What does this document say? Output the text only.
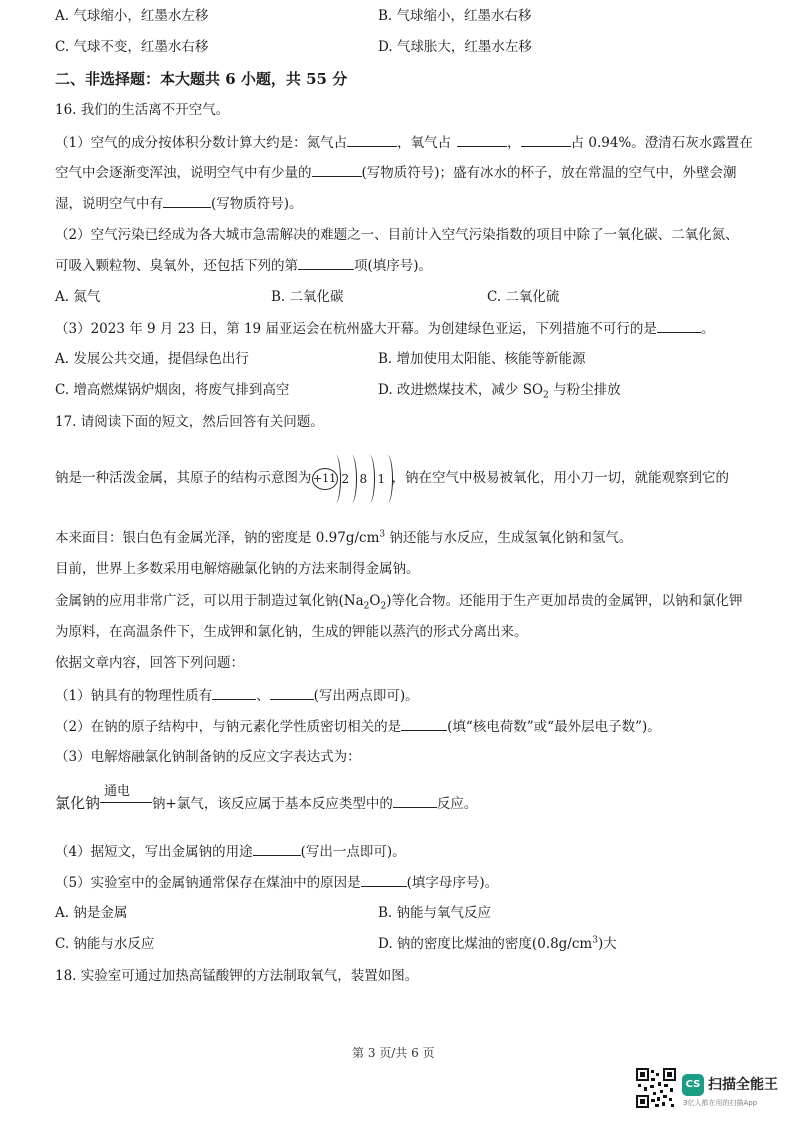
A. 气球缩小，红墨水左移	B. 气球缩小，红墨水右移
C. 气球不变，红墨水右移	D. 气球胀大，红墨水左移
二、非选择题：本大题共 6 小题，共 55 分
16. 我们的生活离不开空气。
（1）空气的成分按体积分数计算大约是：氮气占	，氧气占	，	占 0.94%。澄清石灰水露置在
空气中会逐渐变浑浊，说明空气中有少量的	(写物质符号)；盛有冰水的杯子，放在常温的空气中，外壁会潮
湿，说明空气中有	(写物质符号)。
（2）空气污染已经成为各大城市急需解决的难题之一、目前计入空气污染指数的项目中除了一氧化碳、二氧化氮、
可吸入颗粒物、臭氧外，还包括下列的第	项(填序号)。
A. 氮气	B. 二氧化碳	C. 二氧化硫
（3）2023 年 9 月 23 日，第 19 届亚运会在杭州盛大开幕。为创建绿色亚运，下列措施不可行的是	。
A. 发展公共交通，提倡绿色出行	B. 增加使用太阳能、核能等新能源
C. 增高燃煤锅炉烟囱，将废气排到高空	D. 改进燃煤技术，减少 $SO_2$ 与粉尘排放
17. 请阅读下面的短文，然后回答有关问题。
钠是一种活泼金属，其原子的结构示意图为 +11 2 8 1 ，钠在空气中极易被氧化，用小刀一切，就能观察到它的
本来面目：银白色有金属光泽，钠的密度是 $0.97g/cm^3$ 钠还能与水反应，生成氢氧化钠和氢气。
目前，世界上多数采用电解熔融氯化钠的方法来制得金属钠。
金属钠的应用非常广泛，可以用于制造过氧化钠$(Na_2O_2)$等化合物。还能用于生产更加昂贵的金属钾，以钠和氯化钾
为原料，在高温条件下，生成钾和氯化钠，生成的钾能以蒸汽的形式分离出来。
依据文章内容，回答下列问题：
（1）钠具有的物理性质有	、	(写出两点即可)。
（2）在钠的原子结构中，与钠元素化学性质密切相关的是	(填“核电荷数”或“最外层电子数”)。
（3）电解熔融氯化钠制备钠的反应文字表达式为：
氯化钠
通电
钠+氯气，该反应属于基本反应类型中的	反应。
（4）据短文，写出金属钠的用途	(写出一点即可)。
（5）实验室中的金属钠通常保存在煤油中的原因是	(填字母序号)。
A. 钠是金属	B. 钠能与氧气反应
C. 钠能与水反应	D. 钠的密度比煤油的密度$(0.8g/cm^3)$大
18. 实验室可通过加热高锰酸钾的方法制取氧气，装置如图。
第 3 页/共 6 页
CS 扫描全能王
3亿人都在用的扫描App
